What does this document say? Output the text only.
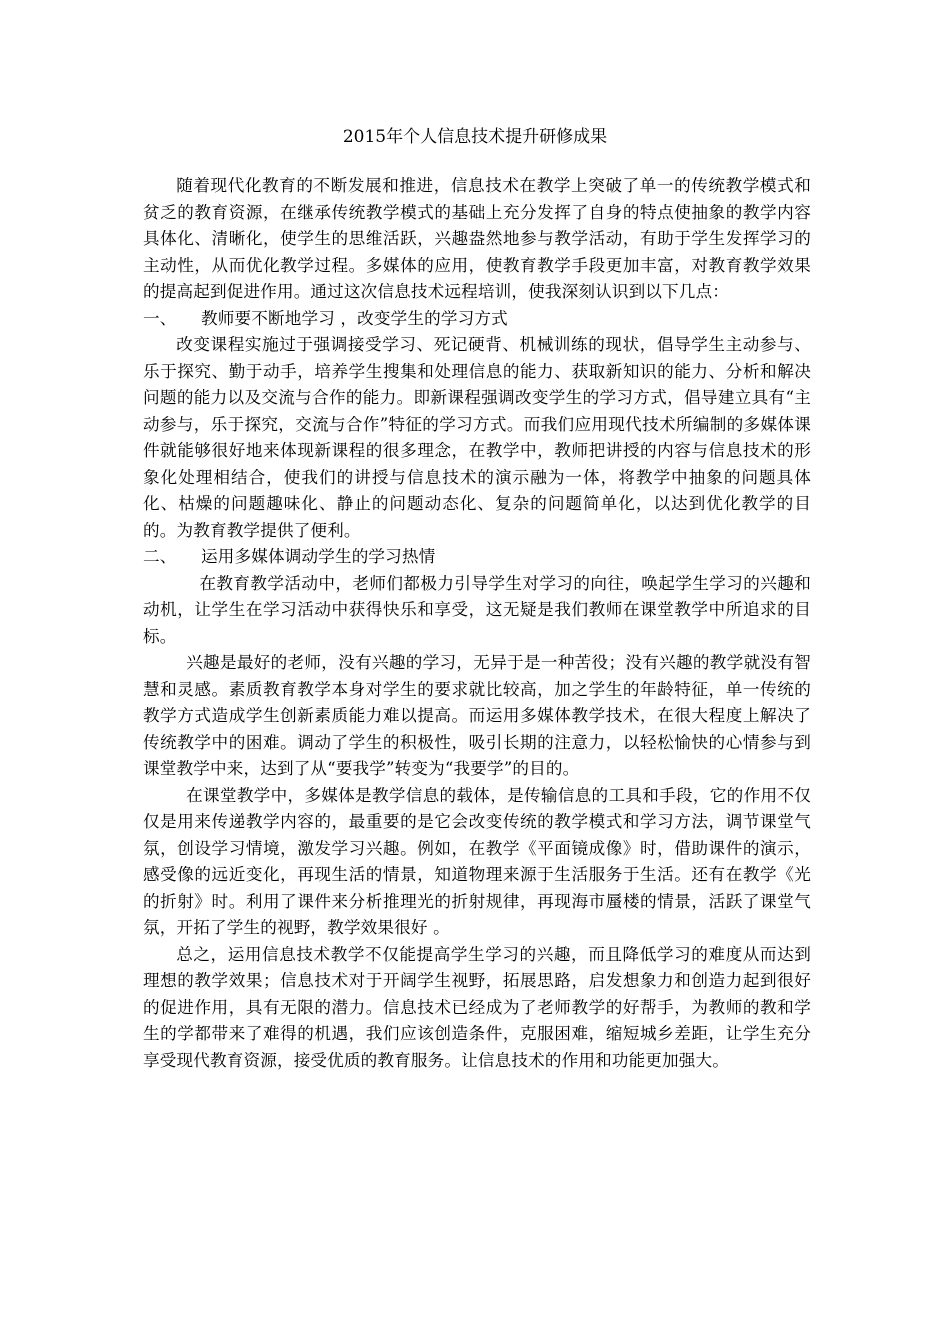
2015年个人信息技术提升研修成果

随着现代化教育的不断发展和推进，信息技术在教学上突破了单一的传统教学模式和贫乏的教育资源，在继承传统教学模式的基础上充分发挥了自身的特点使抽象的教学内容具体化、清晰化，使学生的思维活跃，兴趣盎然地参与教学活动，有助于学生发挥学习的主动性，从而优化教学过程。多媒体的应用，使教育教学手段更加丰富，对教育教学效果的提高起到促进作用。通过这次信息技术远程培训，使我深刻认识到以下几点：

一、 教师要不断地学习 ，改变学生的学习方式

改变课程实施过于强调接受学习、死记硬背、机械训练的现状，倡导学生主动参与、乐于探究、勤于动手，培养学生搜集和处理信息的能力、获取新知识的能力、分析和解决问题的能力以及交流与合作的能力。即新课程强调改变学生的学习方式，倡导建立具有“主动参与，乐于探究，交流与合作”特征的学习方式。而我们应用现代技术所编制的多媒体课件就能够很好地来体现新课程的很多理念，在教学中，教师把讲授的内容与信息技术的形象化处理相结合，使我们的讲授与信息技术的演示融为一体，将教学中抽象的问题具体化、枯燥的问题趣味化、静止的问题动态化、复杂的问题简单化，以达到优化教学的目的。为教育教学提供了便利。

二、 运用多媒体调动学生的学习热情

在教育教学活动中，老师们都极力引导学生对学习的向往，唤起学生学习的兴趣和动机，让学生在学习活动中获得快乐和享受，这无疑是我们教师在课堂教学中所追求的目标。

兴趣是最好的老师，没有兴趣的学习，无异于是一种苦役；没有兴趣的教学就没有智慧和灵感。素质教育教学本身对学生的要求就比较高，加之学生的年龄特征，单一传统的教学方式造成学生创新素质能力难以提高。而运用多媒体教学技术，在很大程度上解决了传统教学中的困难。调动了学生的积极性，吸引长期的注意力，以轻松愉快的心情参与到课堂教学中来，达到了从“要我学”转变为“我要学”的目的。

在课堂教学中，多媒体是教学信息的载体，是传输信息的工具和手段，它的作用不仅仅是用来传递教学内容的，最重要的是它会改变传统的教学模式和学习方法，调节课堂气氛，创设学习情境，激发学习兴趣。例如，在教学《平面镜成像》时，借助课件的演示，感受像的远近变化，再现生活的情景，知道物理来源于生活服务于生活。还有在教学《光的折射》时。利用了课件来分析推理光的折射规律，再现海市蜃楼的情景，活跃了课堂气氛，开拓了学生的视野，教学效果很好 。

总之，运用信息技术教学不仅能提高学生学习的兴趣，而且降低学习的难度从而达到理想的教学效果；信息技术对于开阔学生视野，拓展思路，启发想象力和创造力起到很好的促进作用，具有无限的潜力。信息技术已经成为了老师教学的好帮手，为教师的教和学生的学都带来了难得的机遇，我们应该创造条件，克服困难，缩短城乡差距，让学生充分享受现代教育资源，接受优质的教育服务。让信息技术的作用和功能更加强大。
